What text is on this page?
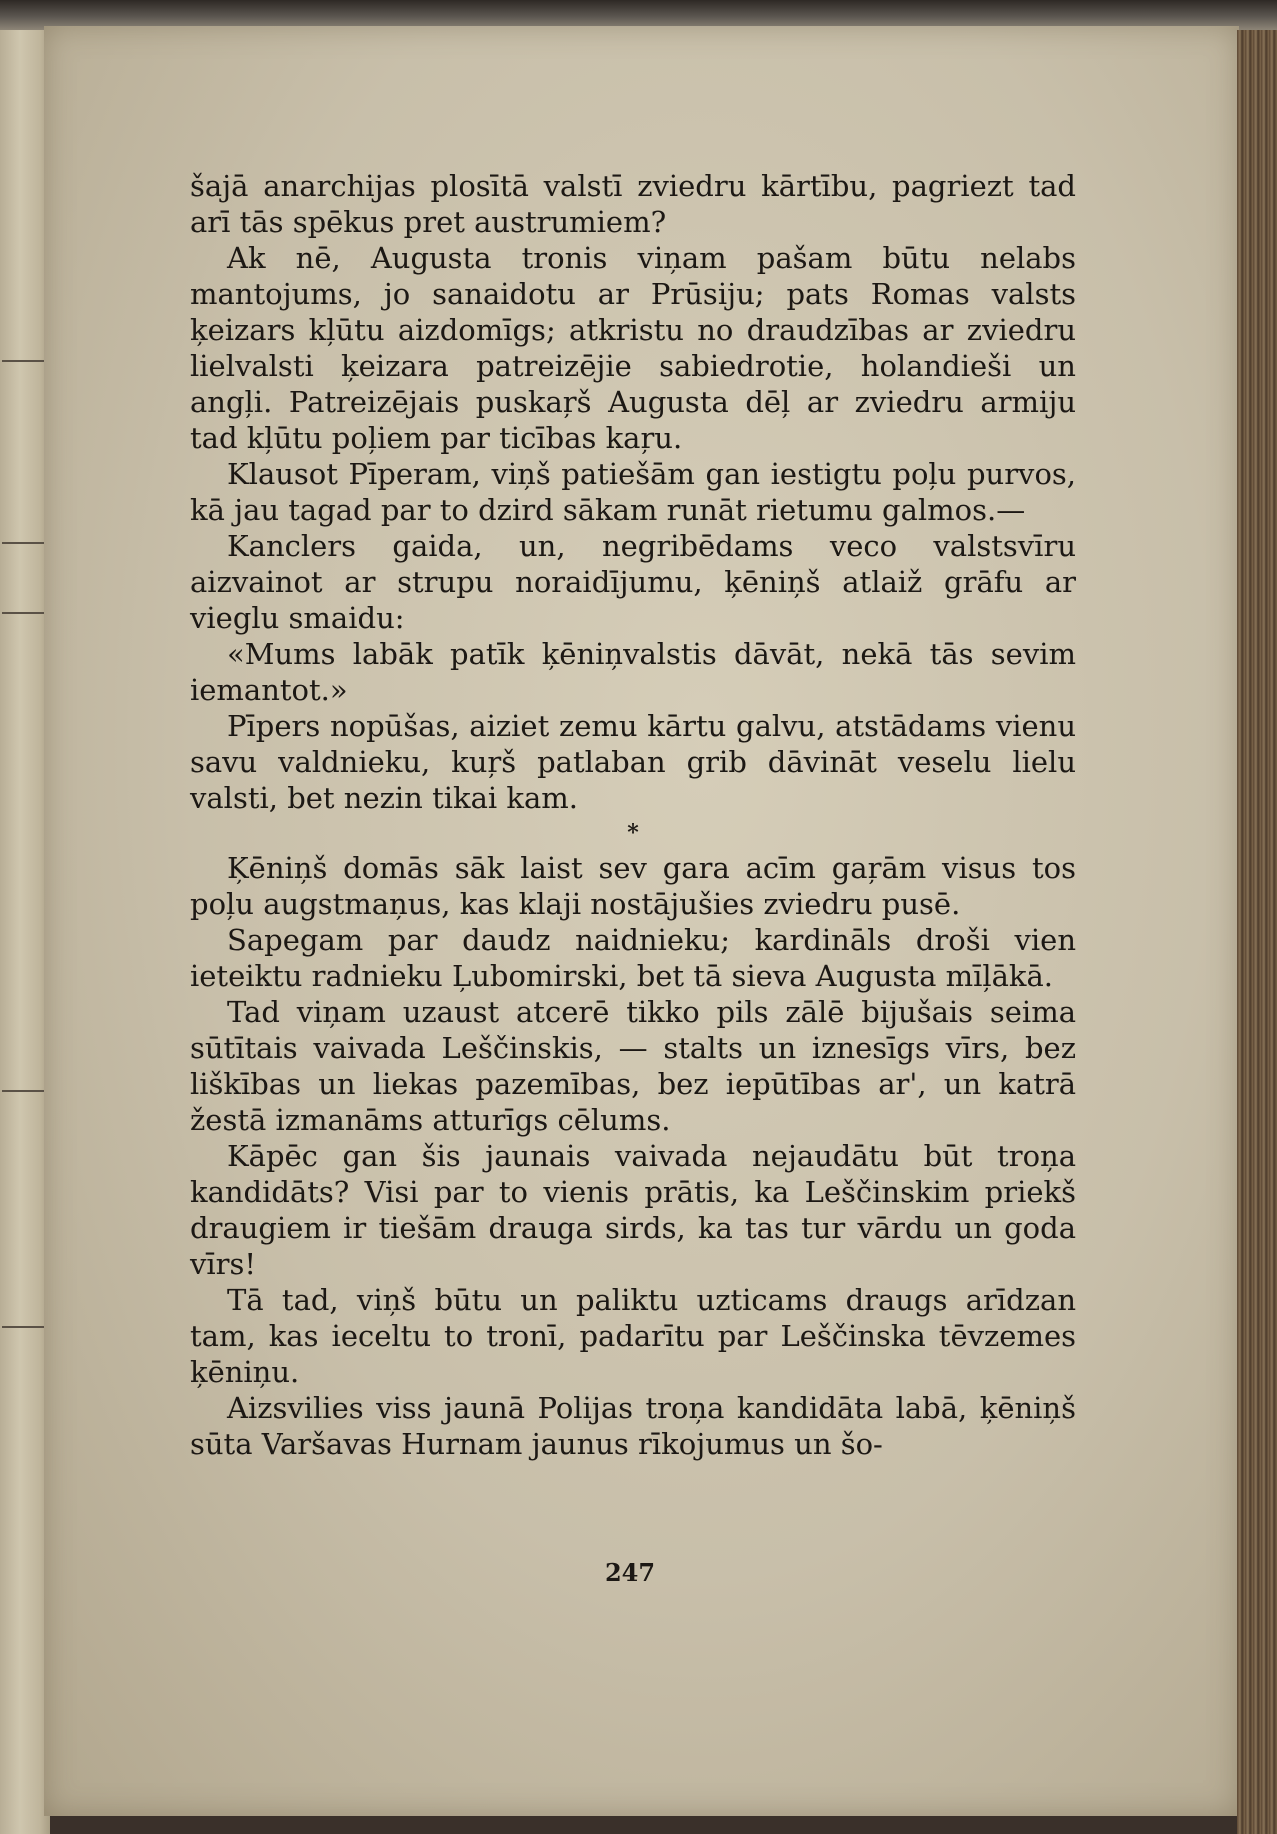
šajā anarchijas plosītā valstī zviedru kārtību, pagriezt tad arī tās spēkus pret austrumiem?

Ak nē, Augusta tronis viņam pašam būtu nelabs mantojums, jo sanaidotu ar Prūsiju; pats Romas valsts ķeizars kļūtu aizdomīgs; atkristu no draudzības ar zviedru lielvalsti ķeizara patreizējie sabiedrotie, holandieši un angļi. Patreizējais puskaŗš Augusta dēļ ar zviedru armiju tad kļūtu poļiem par ticības kaŗu.

Klausot Pīperam, viņš patiešām gan iestigtu poļu purvos, kā jau tagad par to dzird sākam runāt rietumu galmos.—

Kanclers gaida, un, negribēdams veco valstsvīru aizvainot ar strupu noraidījumu, ķēniņš atlaiž grāfu ar vieglu smaidu:

«Mums labāk patīk ķēniņvalstis dāvāt, nekā tās sevim iemantot.»

Pīpers nopūšas, aiziet zemu kārtu galvu, atstādams vienu savu valdnieku, kuŗš patlaban grib dāvināt veselu lielu valsti, bet nezin tikai kam.

*

Ķēniņš domās sāk laist sev gara acīm gaŗām visus tos poļu augstmaņus, kas klaji nostājušies zviedru pusē.

Sapegam par daudz naidnieku; kardināls droši vien ieteiktu radnieku Ļubomirski, bet tā sieva Augusta mīļākā.

Tad viņam uzaust atcerē tikko pils zālē bijušais seima sūtītais vaivada Leščinskis, — stalts un iznesīgs vīrs, bez liškības un liekas pazemības, bez iepūtības ar', un katrā žestā izmanāms atturīgs cēlums.

Kāpēc gan šis jaunais vaivada nejaudātu būt troņa kandidāts? Visi par to vienis prātis, ka Leščinskim priekš draugiem ir tiešām drauga sirds, ka tas tur vārdu un goda vīrs!

Tā tad, viņš būtu un paliktu uzticams draugs arīdzan tam, kas ieceltu to tronī, padarītu par Leščinska tēvzemes ķēniņu.

Aizsvilies viss jaunā Polijas troņa kandidāta labā, ķēniņš sūta Varšavas Hurnam jaunus rīkojumus un šo-

247
